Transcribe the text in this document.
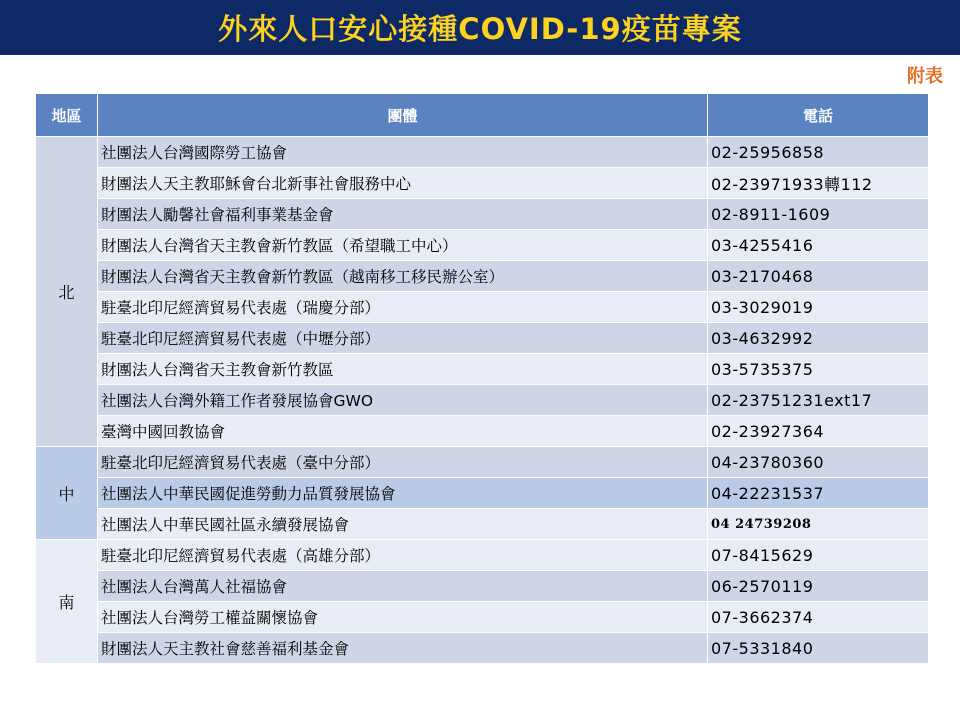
外來人口安心接種COVID-19疫苗專案
附表
地區	團體	電話
北	社團法人台灣國際勞工協會	02-25956858
	財團法人天主教耶穌會台北新事社會服務中心	02-23971933轉112
	財團法人勵馨社會福利事業基金會	02-8911-1609
	財團法人台灣省天主教會新竹教區（希望職工中心）	03-4255416
	財團法人台灣省天主教會新竹教區（越南移工移民辦公室）	03-2170468
	駐臺北印尼經濟貿易代表處（瑞慶分部）	03-3029019
	駐臺北印尼經濟貿易代表處（中壢分部）	03-4632992
	財團法人台灣省天主教會新竹教區	03-5735375
	社團法人台灣外籍工作者發展協會GWO	02-23751231ext17
	臺灣中國回教協會	02-23927364
中	駐臺北印尼經濟貿易代表處（臺中分部）	04-23780360
	社團法人中華民國促進勞動力品質發展協會	04-22231537
	社團法人中華民國社區永續發展協會	04 24739208
南	駐臺北印尼經濟貿易代表處（高雄分部）	07-8415629
	社團法人台灣萬人社福協會	06-2570119
	社團法人台灣勞工權益關懷協會	07-3662374
	財團法人天主教社會慈善福利基金會	07-5331840
